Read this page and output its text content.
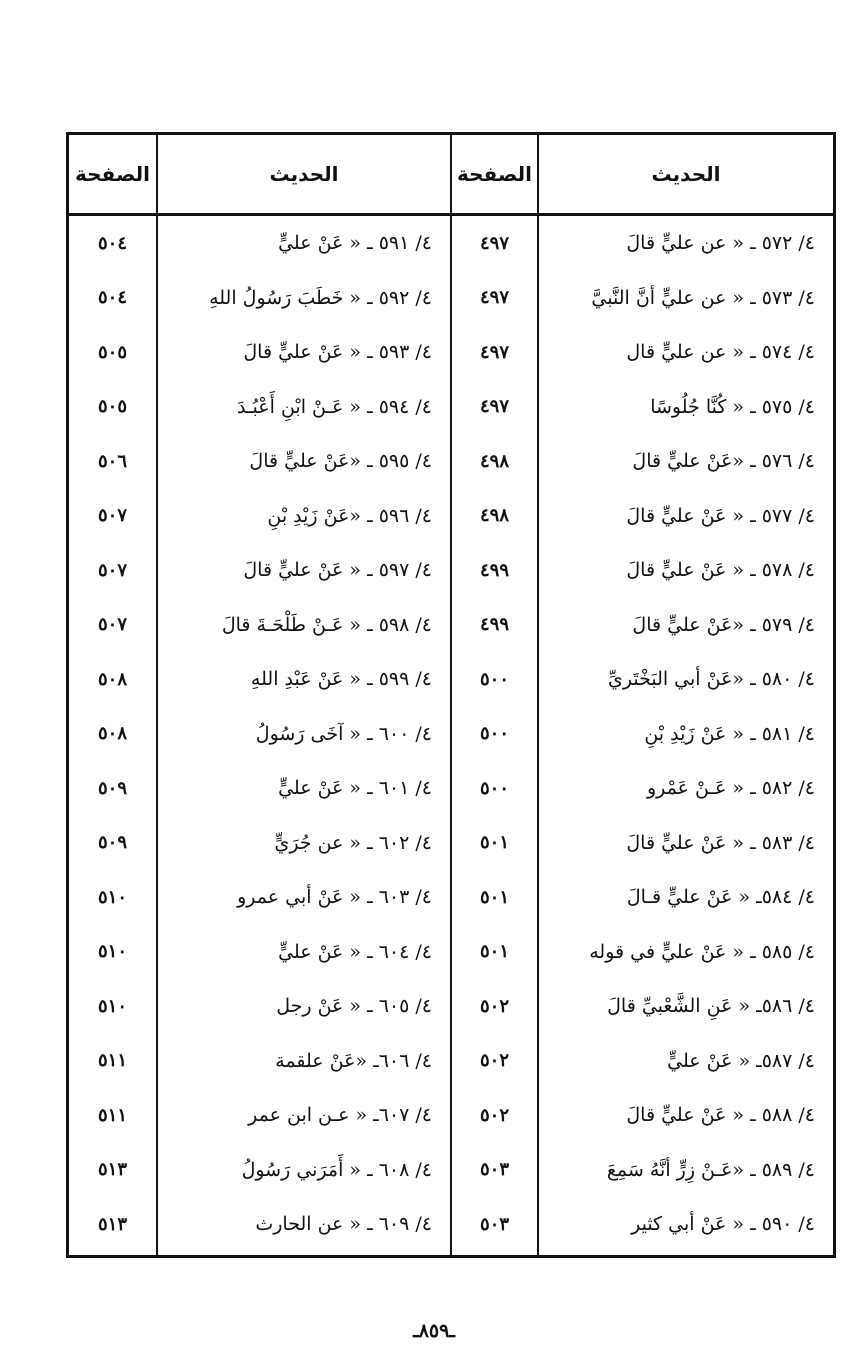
الحديث
الصفحة
الحديث
الصفحة
٤/ ٥٧٢ ـ « عن عليٍّ قالَ
٤/ ٥٧٣ ـ « عن عليٍّ أنَّ النَّبيَّ
٤/ ٥٧٤ ـ « عن عليٍّ قال
٤/ ٥٧٥ ـ « كُنَّا جُلُوسًا
٤/ ٥٧٦ ـ «عَنْ عليٍّ قالَ
٤/ ٥٧٧ ـ « عَنْ عليٍّ قالَ
٤/ ٥٧٨ ـ « عَنْ عليٍّ قالَ
٤/ ٥٧٩ ـ «عَنْ عليٍّ قالَ
٤/ ٥٨٠ ـ «عَنْ أبي البَخْتَريِّ
٤/ ٥٨١ ـ « عَنْ زَيْدِ بْنِ
٤/ ٥٨٢ ـ « عَـنْ عَمْرو
٤/ ٥٨٣ ـ « عَنْ عليٍّ قالَ
٤/ ٥٨٤ـ « عَنْ عليٍّ قـالَ
٤/ ٥٨٥ ـ « عَنْ عليٍّ في قوله
٤/ ٥٨٦ـ « عَنِ الشَّعْبيِّ قالَ
٤/ ٥٨٧ـ « عَنْ عليٍّ
٤/ ٥٨٨ ـ « عَنْ عليٍّ قالَ
٤/ ٥٨٩ ـ «عَـنْ زِرٍّ أنَّهُ سَمِعَ
٤/ ٥٩٠ ـ « عَنْ أبي كثير
٤٩٧
٤٩٧
٤٩٧
٤٩٧
٤٩٨
٤٩٨
٤٩٩
٤٩٩
٥٠٠
٥٠٠
٥٠٠
٥٠١
٥٠١
٥٠١
٥٠٢
٥٠٢
٥٠٢
٥٠٣
٥٠٣
٤/ ٥٩١ ـ « عَنْ عليٍّ
٤/ ٥٩٢ ـ « خَطَبَ رَسُولُ اللهِ
٤/ ٥٩٣ ـ « عَنْ عليٍّ قالَ
٤/ ٥٩٤ ـ « عَـنْ ابْنِ أَعْبُـدَ
٤/ ٥٩٥ ـ «عَنْ عليٍّ قالَ
٤/ ٥٩٦ ـ «عَنْ زَيْدِ بْنِ
٤/ ٥٩٧ ـ « عَنْ عليٍّ قالَ
٤/ ٥٩٨ ـ « عَـنْ طَلْحَـةَ قالَ
٤/ ٥٩٩ ـ « عَنْ عَبْدِ اللهِ
٤/ ٦٠٠ ـ « آخَى رَسُولُ
٤/ ٦٠١ ـ « عَنْ عليٍّ
٤/ ٦٠٢ ـ « عن جُرَيٍّ
٤/ ٦٠٣ ـ « عَنْ أبي عمرو
٤/ ٦٠٤ ـ « عَنْ عليٍّ
٤/ ٦٠٥ ـ « عَنْ رجل
٤/ ٦٠٦ـ «عَنْ علقمة
٤/ ٦٠٧ـ « عـن ابن عمر
٤/ ٦٠٨ ـ « أَمَرَني رَسُولُ
٤/ ٦٠٩ ـ « عن الحارث
٥٠٤
٥٠٤
٥٠٥
٥٠٥
٥٠٦
٥٠٧
٥٠٧
٥٠٧
٥٠٨
٥٠٨
٥٠٩
٥٠٩
٥١٠
٥١٠
٥١٠
٥١١
٥١١
٥١٣
٥١٣
ـ٨٥٩ـ
